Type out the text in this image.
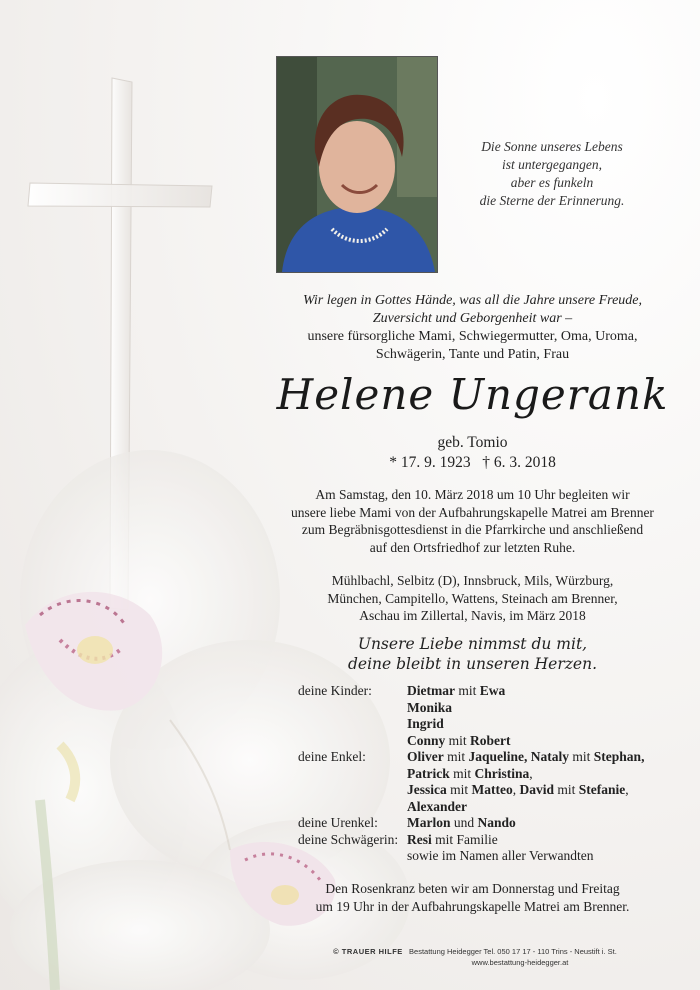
Die Sonne unseres Lebens
ist untergegangen,
aber es funkeln
die Sterne der Erinnerung.
Wir legen in Gottes Hände, was all die Jahre unsere Freude,
Zuversicht und Geborgenheit war –
unsere fürsorgliche Mami, Schwiegermutter, Oma, Uroma,
Schwägerin, Tante und Patin, Frau
Helene Ungerank
geb. Tomio
* 17. 9. 1923   † 6. 3. 2018
Am Samstag, den 10. März 2018 um 10 Uhr begleiten wir
unsere liebe Mami von der Aufbahrungskapelle Matrei am Brenner
zum Begräbnisgottesdienst in die Pfarrkirche und anschließend
auf den Ortsfriedhof zur letzten Ruhe.
Mühlbachl, Selbitz (D), Innsbruck, Mils, Würzburg,
München, Campitello, Wattens, Steinach am Brenner,
Aschau im Zillertal, Navis, im März 2018
Unsere Liebe nimmst du mit,
deine bleibt in unseren Herzen.
deine Kinder:	Dietmar mit Ewa
Monika
Ingrid
Conny mit Robert
deine Enkel:	Oliver mit Jaqueline, Nataly mit Stephan,
Patrick mit Christina,
Jessica mit Matteo, David mit Stefanie,
Alexander
deine Urenkel:	Marlon und Nando
deine Schwägerin: Resi mit Familie
sowie im Namen aller Verwandten
Den Rosenkranz beten wir am Donnerstag und Freitag
um 19 Uhr in der Aufbahrungskapelle Matrei am Brenner.
© TRAUER HILFE Bestattung Heidegger Tel. 050 17 17 - 110 Trins - Neustift i. St.
www.bestattung-heidegger.at
